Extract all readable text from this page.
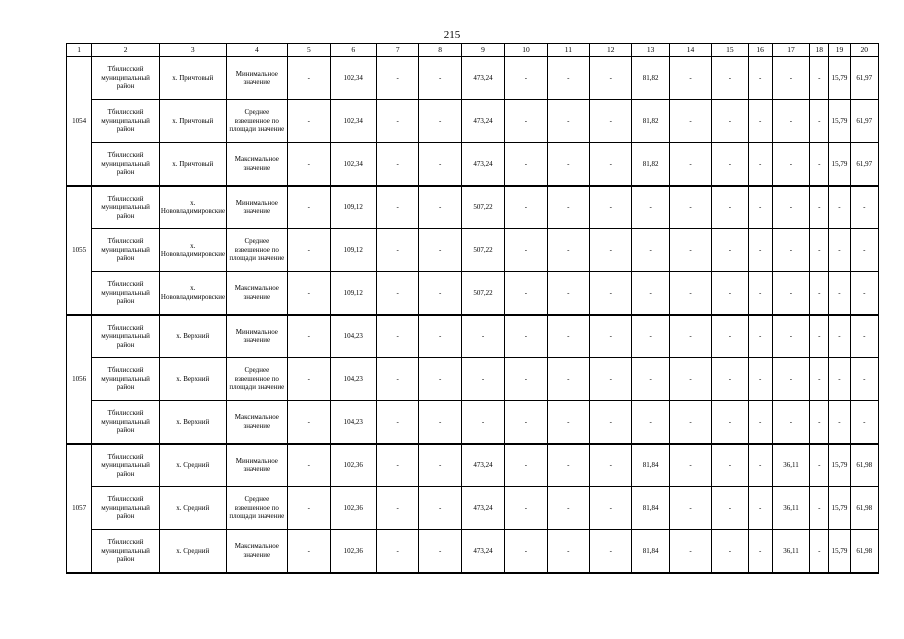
215
1	2	3	4	5	6	7	8	9	10	11	12	13	14	15	16	17	18	19	20
1054	Тбилисский муниципальный район	х. Причтовый	Минимальное значение	-	102,34	-	-	473,24	-	-	-	81,82	-	-	-	-	-	15,79	61,97
	Тбилисский муниципальный район	х. Причтовый	Среднее взвешенное по площади значение	-	102,34	-	-	473,24	-	-	-	81,82	-	-	-	-	-	15,79	61,97
	Тбилисский муниципальный район	х. Причтовый	Максимальное значение	-	102,34	-	-	473,24	-	-	-	81,82	-	-	-	-	-	15,79	61,97
1055	Тбилисский муниципальный район	х. Нововладимировские	Минимальное значение	-	109,12	-	-	507,22	-	-	-	-	-	-	-	-	-	-	-
	Тбилисский муниципальный район	х. Нововладимировские	Среднее взвешенное по площади значение	-	109,12	-	-	507,22	-	-	-	-	-	-	-	-	-	-	-
	Тбилисский муниципальный район	х. Нововладимировские	Максимальное значение	-	109,12	-	-	507,22	-	-	-	-	-	-	-	-	-	-	-
1056	Тбилисский муниципальный район	х. Верхний	Минимальное значение	-	104,23	-	-	-	-	-	-	-	-	-	-	-	-	-	-
	Тбилисский муниципальный район	х. Верхний	Среднее взвешенное по площади значение	-	104,23	-	-	-	-	-	-	-	-	-	-	-	-	-	-
	Тбилисский муниципальный район	х. Верхний	Максимальное значение	-	104,23	-	-	-	-	-	-	-	-	-	-	-	-	-	-
1057	Тбилисский муниципальный район	х. Средний	Минимальное значение	-	102,36	-	-	473,24	-	-	-	81,84	-	-	-	36,11	-	15,79	61,98
	Тбилисский муниципальный район	х. Средний	Среднее взвешенное по площади значение	-	102,36	-	-	473,24	-	-	-	81,84	-	-	-	36,11	-	15,79	61,98
	Тбилисский муниципальный район	х. Средний	Максимальное значение	-	102,36	-	-	473,24	-	-	-	81,84	-	-	-	36,11	-	15,79	61,98
